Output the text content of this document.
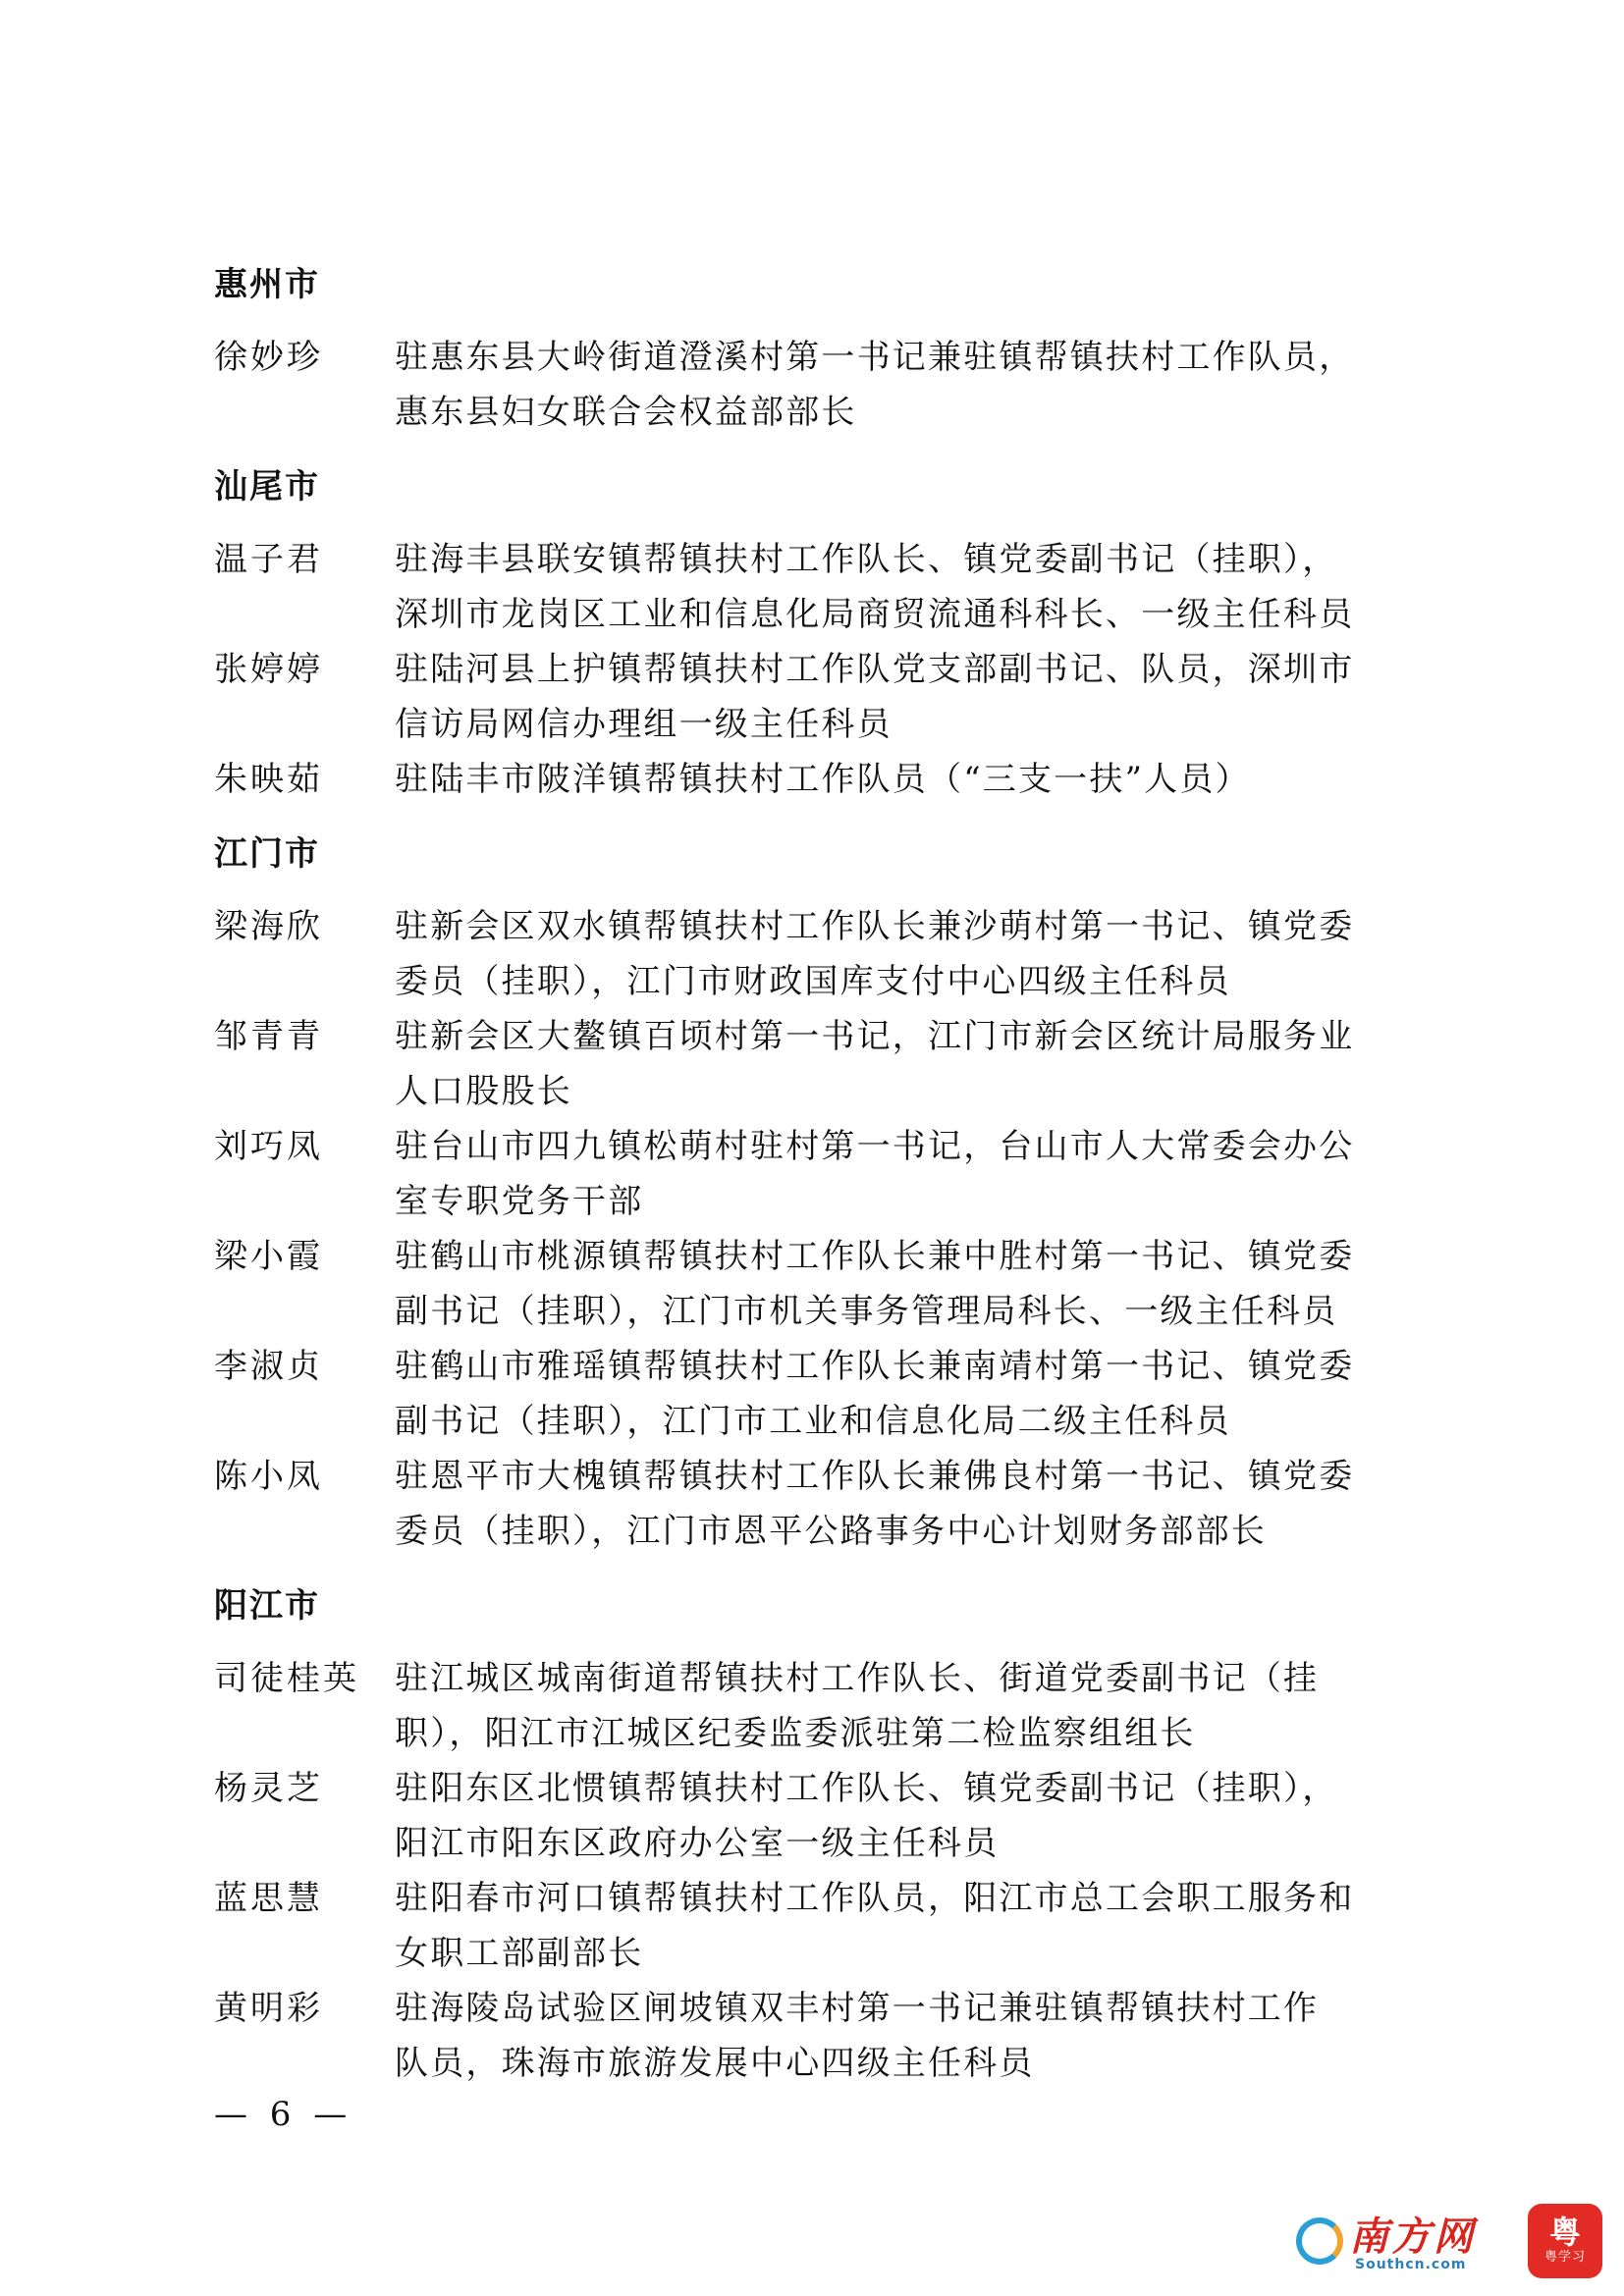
惠州市
徐妙珍	驻惠东县大岭街道澄溪村第一书记兼驻镇帮镇扶村工作队员，
惠东县妇女联合会权益部部长
汕尾市
温子君	驻海丰县联安镇帮镇扶村工作队长、镇党委副书记（挂职），
深圳市龙岗区工业和信息化局商贸流通科科长、一级主任科员
张婷婷	驻陆河县上护镇帮镇扶村工作队党支部副书记、队员，深圳市
信访局网信办理组一级主任科员
朱映茹	驻陆丰市陂洋镇帮镇扶村工作队员（“三支一扶”人员）
江门市
梁海欣	驻新会区双水镇帮镇扶村工作队长兼沙萌村第一书记、镇党委
委员（挂职），江门市财政国库支付中心四级主任科员
邹青青	驻新会区大鳌镇百顷村第一书记，江门市新会区统计局服务业
人口股股长
刘巧凤	驻台山市四九镇松萌村驻村第一书记，台山市人大常委会办公
室专职党务干部
梁小霞	驻鹤山市桃源镇帮镇扶村工作队长兼中胜村第一书记、镇党委
副书记（挂职），江门市机关事务管理局科长、一级主任科员
李淑贞	驻鹤山市雅瑶镇帮镇扶村工作队长兼南靖村第一书记、镇党委
副书记（挂职），江门市工业和信息化局二级主任科员
陈小凤	驻恩平市大槐镇帮镇扶村工作队长兼佛良村第一书记、镇党委
委员（挂职），江门市恩平公路事务中心计划财务部部长
阳江市
司徒桂英	驻江城区城南街道帮镇扶村工作队长、街道党委副书记（挂
职），阳江市江城区纪委监委派驻第二检监察组组长
杨灵芝	驻阳东区北惯镇帮镇扶村工作队长、镇党委副书记（挂职），
阳江市阳东区政府办公室一级主任科员
蓝思慧	驻阳春市河口镇帮镇扶村工作队员，阳江市总工会职工服务和
女职工部副部长
黄明彩	驻海陵岛试验区闸坡镇双丰村第一书记兼驻镇帮镇扶村工作
队员，珠海市旅游发展中心四级主任科员
— 6 —
南方网
Southcn.com
粤
粤学习
